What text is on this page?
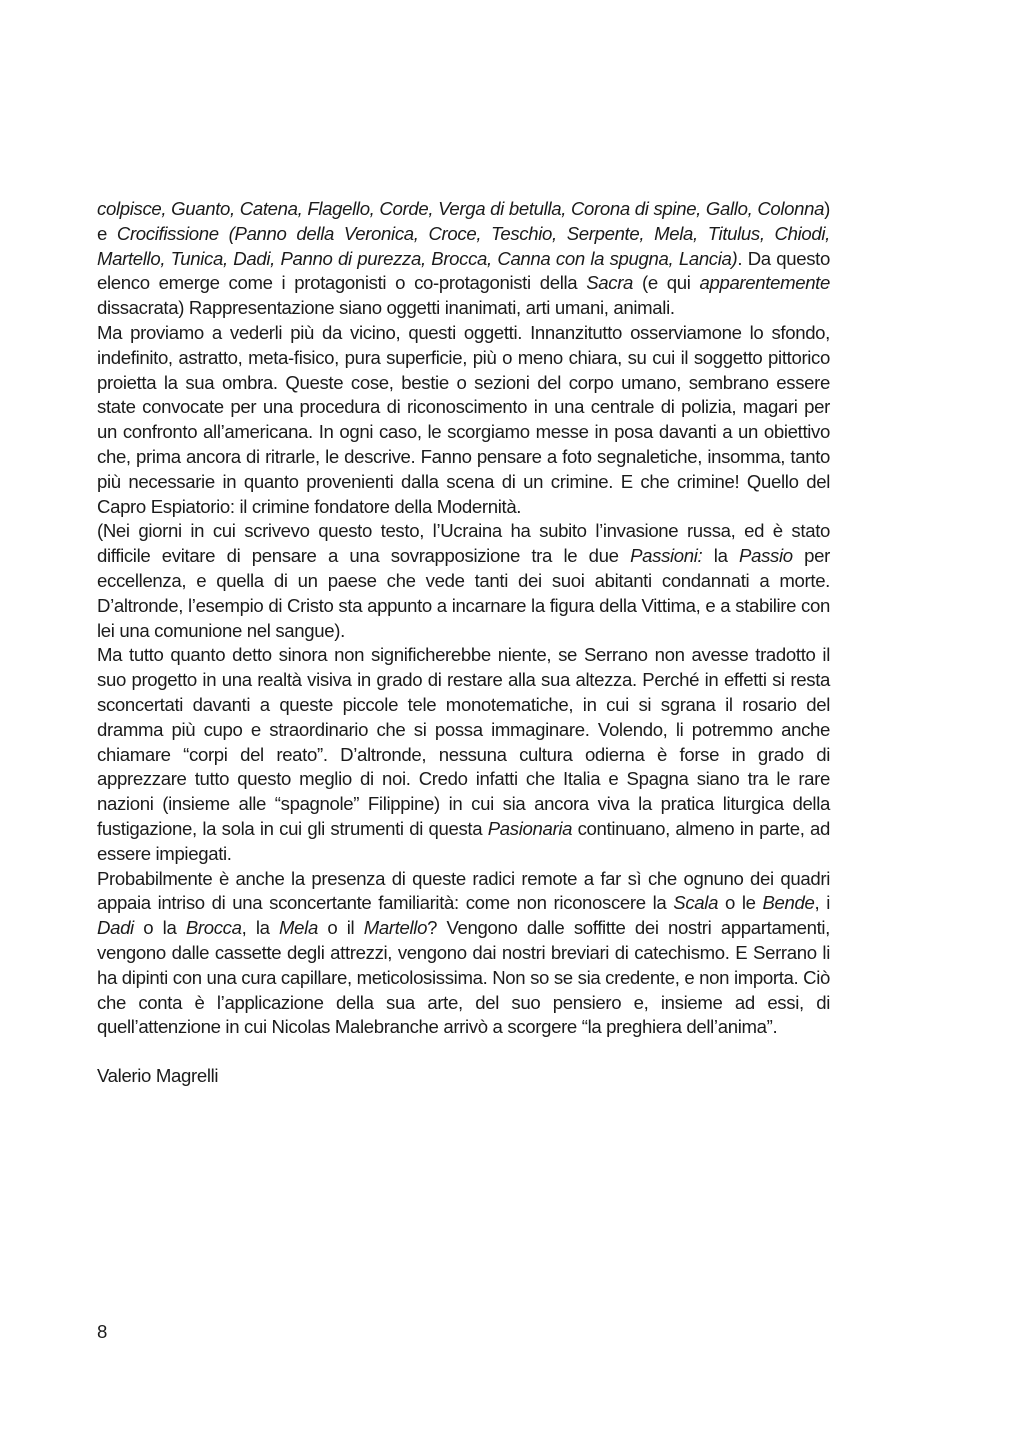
colpisce, Guanto, Catena, Flagello, Corde, Verga di betulla, Corona di spine, Gallo, Colonna) e Crocifissione (Panno della Veronica, Croce, Teschio, Serpente, Mela, Titulus, Chiodi, Martello, Tunica, Dadi, Panno di purezza, Brocca, Canna con la spugna, Lancia). Da questo elenco emerge come i protagonisti o co-protagonisti della Sacra (e qui apparentemente dissacrata) Rappresentazione siano oggetti inanimati, arti umani, animali.

Ma proviamo a vederli più da vicino, questi oggetti. Innanzitutto osserviamone lo sfondo, indefinito, astratto, meta-fisico, pura superficie, più o meno chiara, su cui il soggetto pittorico proietta la sua ombra. Queste cose, bestie o sezioni del corpo umano, sembrano essere state convocate per una procedura di riconoscimento in una centrale di polizia, magari per un confronto all’americana. In ogni caso, le scorgiamo messe in posa davanti a un obiettivo che, prima ancora di ritrarle, le descrive. Fanno pensare a foto segnaletiche, insomma, tanto più necessarie in quanto provenienti dalla scena di un crimine. E che crimine! Quello del Capro Espiatorio: il crimine fondatore della Modernità.

(Nei giorni in cui scrivevo questo testo, l’Ucraina ha subito l’invasione russa, ed è stato difficile evitare di pensare a una sovrapposizione tra le due Passioni: la Passio per eccellenza, e quella di un paese che vede tanti dei suoi abitanti condannati a morte. D’altronde, l’esempio di Cristo sta appunto a incarnare la figura della Vittima, e a stabilire con lei una comunione nel sangue).

Ma tutto quanto detto sinora non significherebbe niente, se Serrano non avesse tradotto il suo progetto in una realtà visiva in grado di restare alla sua altezza. Perché in effetti si resta sconcertati davanti a queste piccole tele monotematiche, in cui si sgrana il rosario del dramma più cupo e straordinario che si possa immaginare. Volendo, li potremmo anche chiamare “corpi del reato”. D’altronde, nessuna cultura odierna è forse in grado di apprezzare tutto questo meglio di noi. Credo infatti che Italia e Spagna siano tra le rare nazioni (insieme alle “spagnole” Filippine) in cui sia ancora viva la pratica liturgica della fustigazione, la sola in cui gli strumenti di questa Pasionaria continuano, almeno in parte, ad essere impiegati.

Probabilmente è anche la presenza di queste radici remote a far sì che ognuno dei quadri appaia intriso di una sconcertante familiarità: come non riconoscere la Scala o le Bende, i Dadi o la Brocca, la Mela o il Martello? Vengono dalle soffitte dei nostri appartamenti, vengono dalle cassette degli attrezzi, vengono dai nostri breviari di catechismo. E Serrano li ha dipinti con una cura capillare, meticolosissima. Non so se sia credente, e non importa. Ciò che conta è l’applicazione della sua arte, del suo pensiero e, insieme ad essi, di quell’attenzione in cui Nicolas Malebranche arrivò a scorgere “la preghiera dell’anima”.

Valerio Magrelli
8
